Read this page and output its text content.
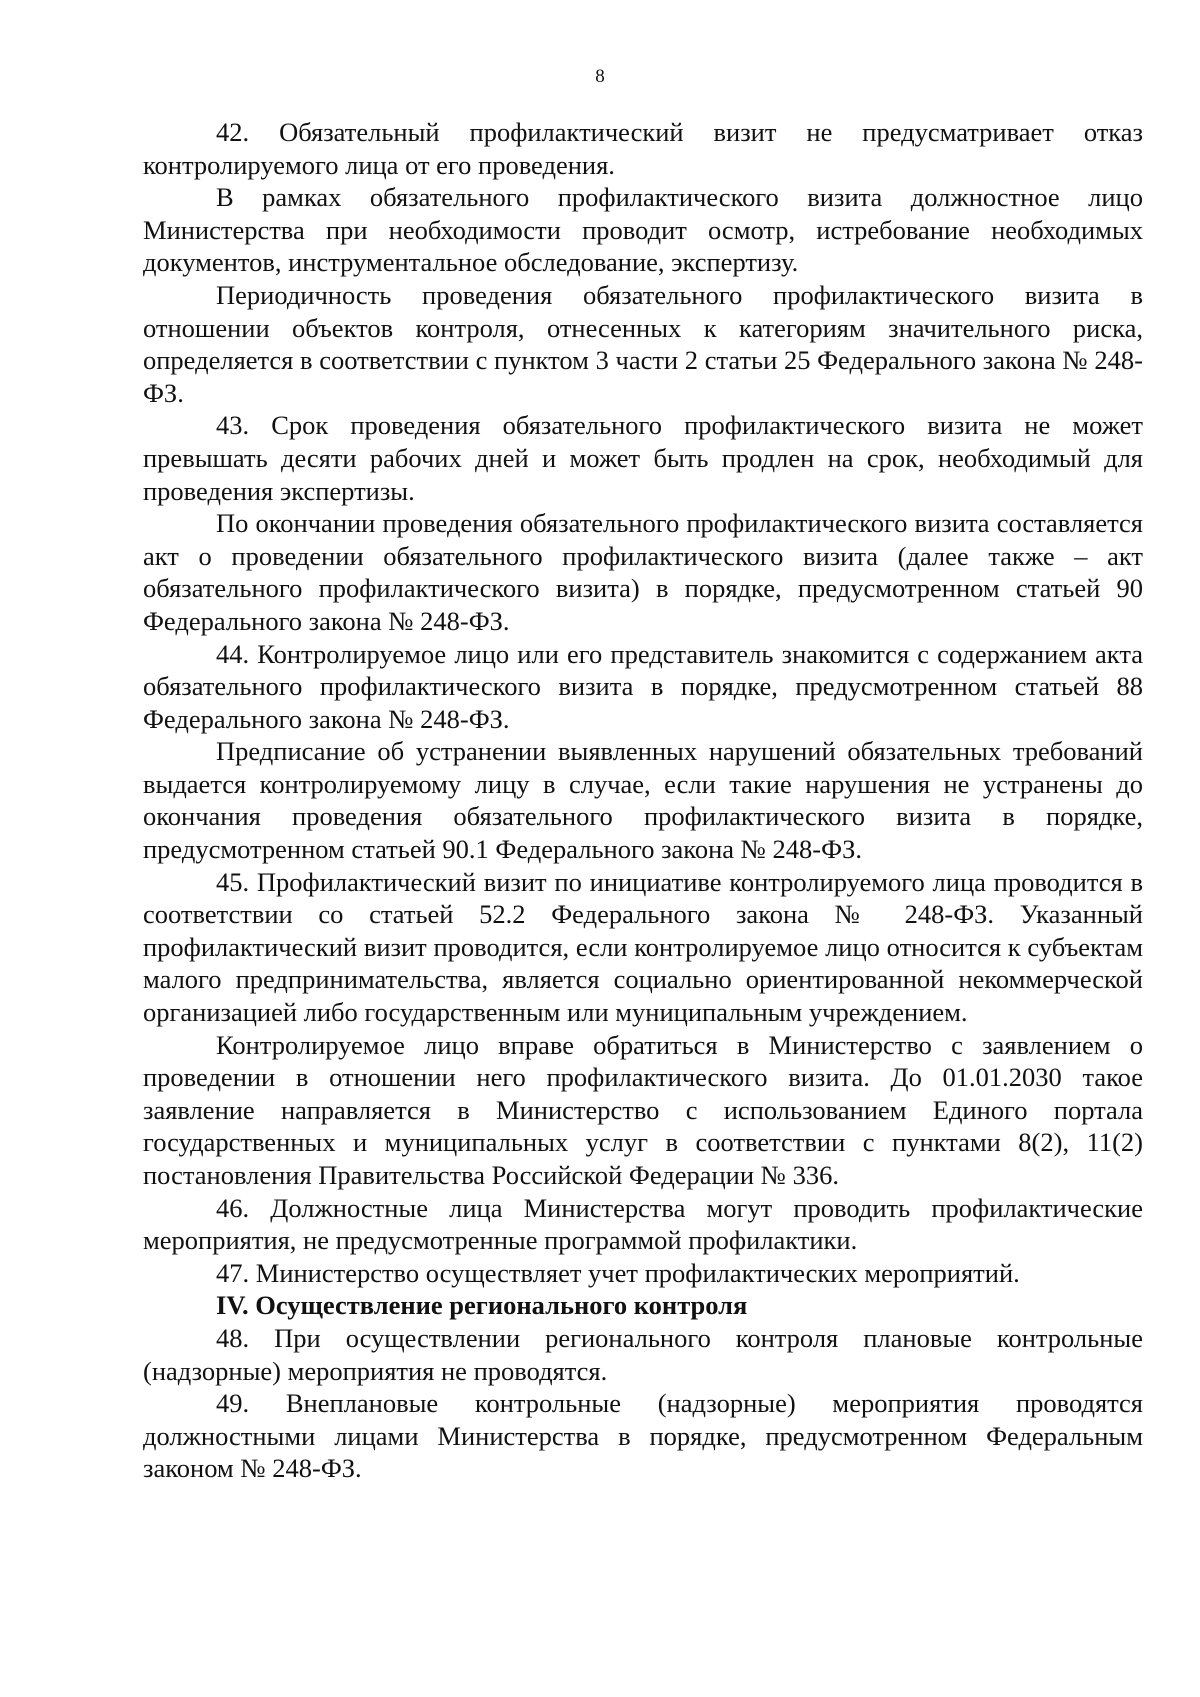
8

42. Обязательный профилактический визит не предусматривает отказ контролируемого лица от его проведения.

В рамках обязательного профилактического визита должностное лицо Министерства при необходимости проводит осмотр, истребование необходимых документов, инструментальное обследование, экспертизу.

Периодичность проведения обязательного профилактического визита в отношении объектов контроля, отнесенных к категориям значительного риска, определяется в соответствии с пунктом 3 части 2 статьи 25 Федерального закона № 248-ФЗ.

43. Срок проведения обязательного профилактического визита не может превышать десяти рабочих дней и может быть продлен на срок, необходимый для проведения экспертизы.

По окончании проведения обязательного профилактического визита составляется акт о проведении обязательного профилактического визита (далее также – акт обязательного профилактического визита) в порядке, предусмотренном статьей 90 Федерального закона № 248-ФЗ.

44. Контролируемое лицо или его представитель знакомится с содержанием акта обязательного профилактического визита в порядке, предусмотренном статьей 88 Федерального закона № 248-ФЗ.

Предписание об устранении выявленных нарушений обязательных требований выдается контролируемому лицу в случае, если такие нарушения не устранены до окончания проведения обязательного профилактического визита в порядке, предусмотренном статьей 90.1 Федерального закона № 248-ФЗ.

45. Профилактический визит по инициативе контролируемого лица проводится в соответствии со статьей 52.2 Федерального закона № 248-ФЗ. Указанный профилактический визит проводится, если контролируемое лицо относится к субъектам малого предпринимательства, является социально ориентированной некоммерческой организацией либо государственным или муниципальным учреждением.

Контролируемое лицо вправе обратиться в Министерство с заявлением о проведении в отношении него профилактического визита. До 01.01.2030 такое заявление направляется в Министерство с использованием Единого портала государственных и муниципальных услуг в соответствии с пунктами 8(2), 11(2) постановления Правительства Российской Федерации № 336.

46. Должностные лица Министерства могут проводить профилактические мероприятия, не предусмотренные программой профилактики.

47. Министерство осуществляет учет профилактических мероприятий.

IV. Осуществление регионального контроля

48. При осуществлении регионального контроля плановые контрольные (надзорные) мероприятия не проводятся.

49. Внеплановые контрольные (надзорные) мероприятия проводятся должностными лицами Министерства в порядке, предусмотренном Федеральным законом № 248-ФЗ.
